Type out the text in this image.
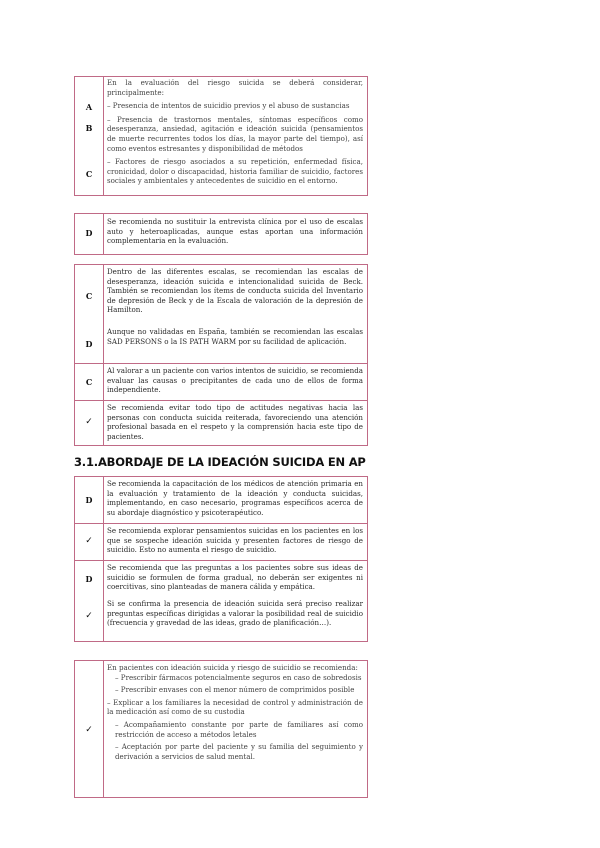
En la evaluación del riesgo suicida se deberá considerar, principalmente:
A	– Presencia de intentos de suicidio previos y el abuso de sustancias
B
– Presencia de trastornos mentales, síntomas específicos como desesperanza, ansiedad, agitación e ideación suicida (pensamientos de muerte recurrentes todos los días, la mayor parte del tiempo), así como eventos estresantes y disponibilidad de métodos
C
– Factores de riesgo asociados a su repetición, enfermedad física, cronicidad, dolor o discapacidad, historia familiar de suicidio, factores sociales y ambientales y antecedentes de suicidio en el entorno.
D
Se recomienda no sustituir la entrevista clínica por el uso de escalas auto y heteroaplicadas, aunque estas aportan una información complementaria en la evaluación.
C
Dentro de las diferentes escalas, se recomiendan las escalas de desesperanza, ideación suicida e intencionalidad suicida de Beck. También se recomiendan los ítems de conducta suicida del Inventario de depresión de Beck y de la Escala de valoración de la depresión de Hamilton.
D
Aunque no validadas en España, también se recomiendan las escalas SAD PERSONS o la IS PATH WARM por su facilidad de aplicación.
C
Al valorar a un paciente con varios intentos de suicidio, se recomienda evaluar las causas o precipitantes de cada uno de ellos de forma independiente.
✓
Se recomienda evitar todo tipo de actitudes negativas hacia las personas con conducta suicida reiterada, favoreciendo una atención profesional basada en el respeto y la comprensión hacia este tipo de pacientes.
3.1.ABORDAJE DE LA IDEACIÓN SUICIDA EN AP
D
Se recomienda la capacitación de los médicos de atención primaria en la evaluación y tratamiento de la ideación y conducta suicidas, implementando, en caso necesario, programas específicos acerca de su abordaje diagnóstico y psicoterapéutico.
✓
Se recomienda explorar pensamientos suicidas en los pacientes en los que se sospeche ideación suicida y presenten factores de riesgo de suicidio. Esto no aumenta el riesgo de suicidio.
D
Se recomienda que las preguntas a los pacientes sobre sus ideas de suicidio se formulen de forma gradual, no deberán ser exigentes ni coercitivas, sino planteadas de manera cálida y empática.
✓
Si se confirma la presencia de ideación suicida será preciso realizar preguntas específicas dirigidas a valorar la posibilidad real de suicidio (frecuencia y gravedad de las ideas, grado de planificación…).
✓
En pacientes con ideación suicida y riesgo de suicidio se recomienda:
– Prescribir fármacos potencialmente seguros en caso de sobredosis
– Prescribir envases con el menor número de comprimidos posible
– Explicar a los familiares la necesidad de control y administración de la medicación así como de su custodia
– Acompañamiento constante por parte de familiares así como restricción de acceso a métodos letales
– Aceptación por parte del paciente y su familia del seguimiento y derivación a servicios de salud mental.
